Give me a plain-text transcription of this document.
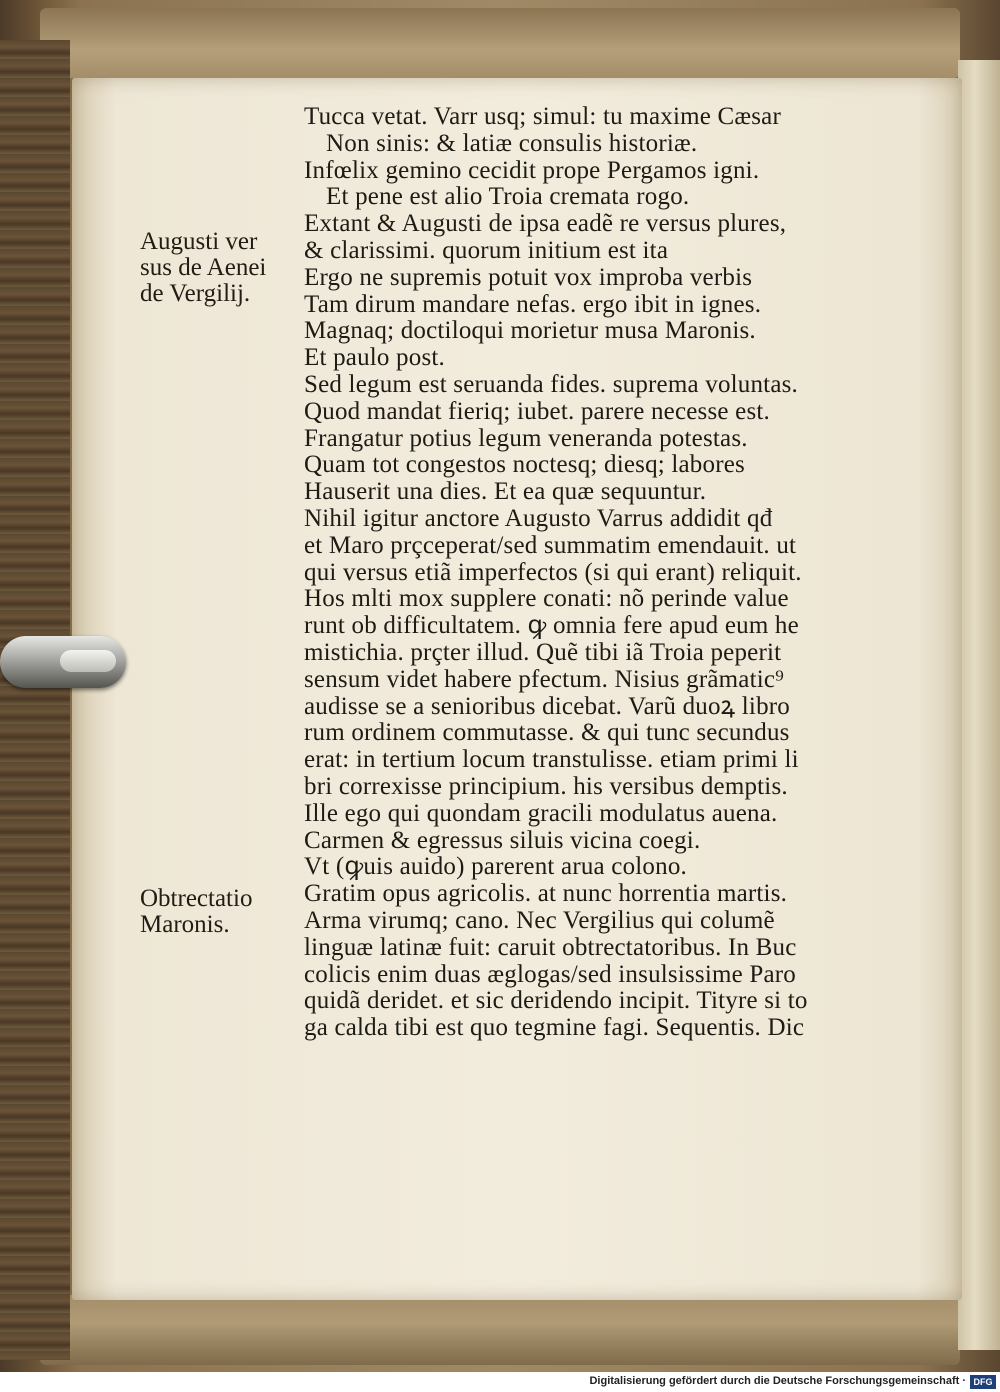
Augusti ver
sus de Aenei
de Vergilij.
Obtrectatio
Maronis.
Tucca vetat. Varr usq; simul: tu maxime Cæsar
Non sinis: & latiæ consulis historiæ.
Infœlix gemino cecidit prope Pergamos igni.
Et pene est alio Troia cremata rogo.
Extant & Augusti de ipsa eadẽ re versus plures,
& clarissimi. quorum initium est ita
Ergo ne supremis potuit vox improba verbis
Tam dirum mandare nefas. ergo ibit in ignes.
Magnaq; doctiloqui morietur musa Maronis.
Et paulo post.
Sed legum est seruanda fides. suprema voluntas.
Quod mandat fieriq; iubet. parere necesse est.
Frangatur potius legum veneranda potestas.
Quam tot congestos noctesq; diesq; labores
Hauserit una dies. Et ea quæ sequuntur.
Nihil igitur anctore Augusto Varrus addidit qđ
et Maro prçceperat/sed summatim emendauit. ut
qui versus etiã imperfectos (si qui erant) reliquit.
Hos mlti mox supplere conati: nõ perinde value
runt ob difficultatem. ꝙ omnia fere apud eum he
mistichia. prçter illud. Quẽ tibi iã Troia peperit
sensum videt habere pfectum. Nisius grãmatic⁹
audisse se a senioribus dicebat. Varũ duoꝝ libro
rum ordinem commutasse. & qui tunc secundus
erat: in tertium locum transtulisse. etiam primi li
bri correxisse principium. his versibus demptis.
Ille ego qui quondam gracili modulatus auena.
Carmen & egressus siluis vicina coegi.
Vt (ꝙuis auido) parerent arua colono.
Gratim opus agricolis. at nunc horrentia martis.
Arma virumq; cano. Nec Vergilius qui columẽ
linguæ latinæ fuit: caruit obtrectatoribus. In Buc
colicis enim duas æglogas/sed insulsissime Paro
quidã deridet. et sic deridendo incipit. Tityre si to
ga calda tibi est quo tegmine fagi. Sequentis. Dic
Digitalisierung gefördert durch die Deutsche Forschungsgemeinschaft · DFG
